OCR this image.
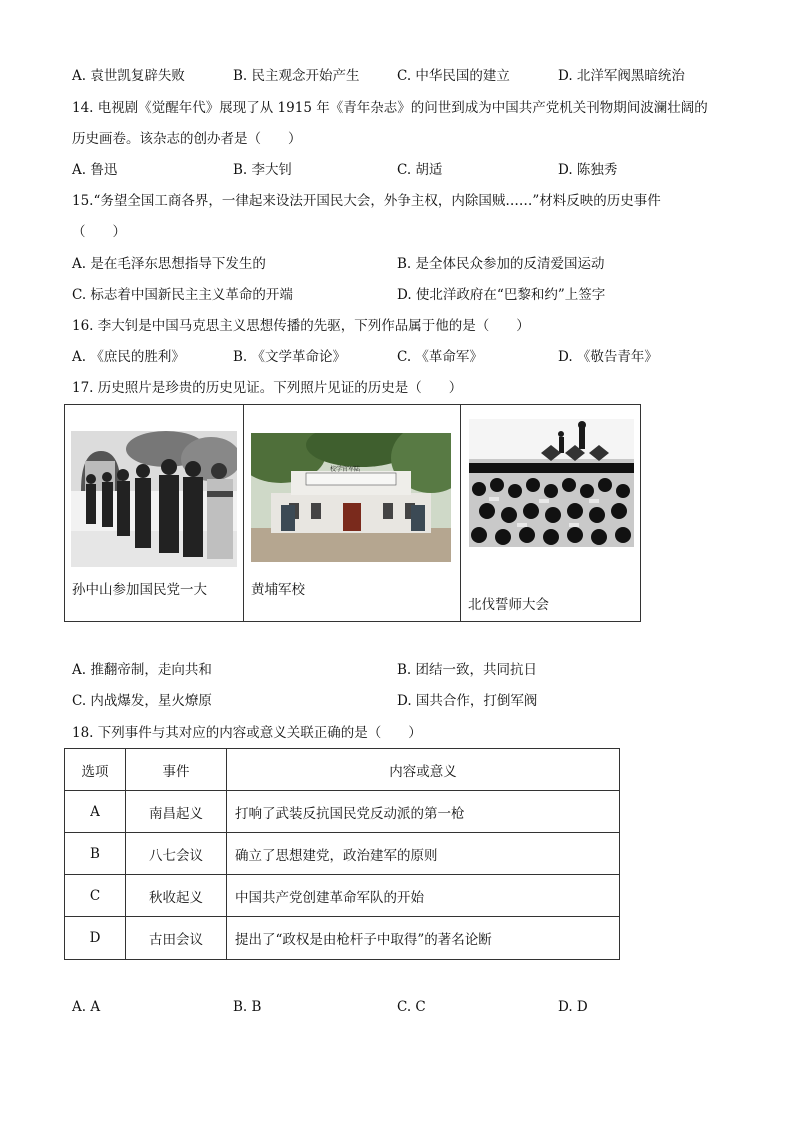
A. 袁世凯复辟失败	B. 民主观念开始产生	C. 中华民国的建立	D. 北洋军阀黑暗统治
14. 电视剧《觉醒年代》展现了从 1915 年《青年杂志》的问世到成为中国共产党机关刊物期间波澜壮阔的
历史画卷。该杂志的创办者是（　　）
A. 鲁迅	B. 李大钊	C. 胡适	D. 陈独秀
15.“务望全国工商各界，一律起来设法开国民大会，外争主权，内除国贼……”材料反映的历史事件
（　　）
A. 是在毛泽东思想指导下发生的	B. 是全体民众参加的反清爱国运动
C. 标志着中国新民主主义革命的开端	D. 使北洋政府在“巴黎和约”上签字
16. 李大钊是中国马克思主义思想传播的先驱，下列作品属于他的是（　　）
A. 《庶民的胜利》	B. 《文学革命论》	C. 《革命军》	D. 《敬告青年》
17. 历史照片是珍贵的历史见证。下列照片见证的历史是（　　）
孙中山参加国民党一大
校学官军陆
黄埔军校
北伐誓师大会
A. 推翻帝制，走向共和	B. 团结一致，共同抗日
C. 内战爆发，星火燎原	D. 国共合作，打倒军阀
18. 下列事件与其对应的内容或意义关联正确的是（　　）
选项	事件	内容或意义
A	南昌起义	打响了武装反抗国民党反动派的第一枪
B	八七会议	确立了思想建党，政治建军的原则
C	秋收起义	中国共产党创建革命军队的开始
D	古田会议	提出了“政权是由枪杆子中取得”的著名论断
A. A	B. B	C. C	D. D
